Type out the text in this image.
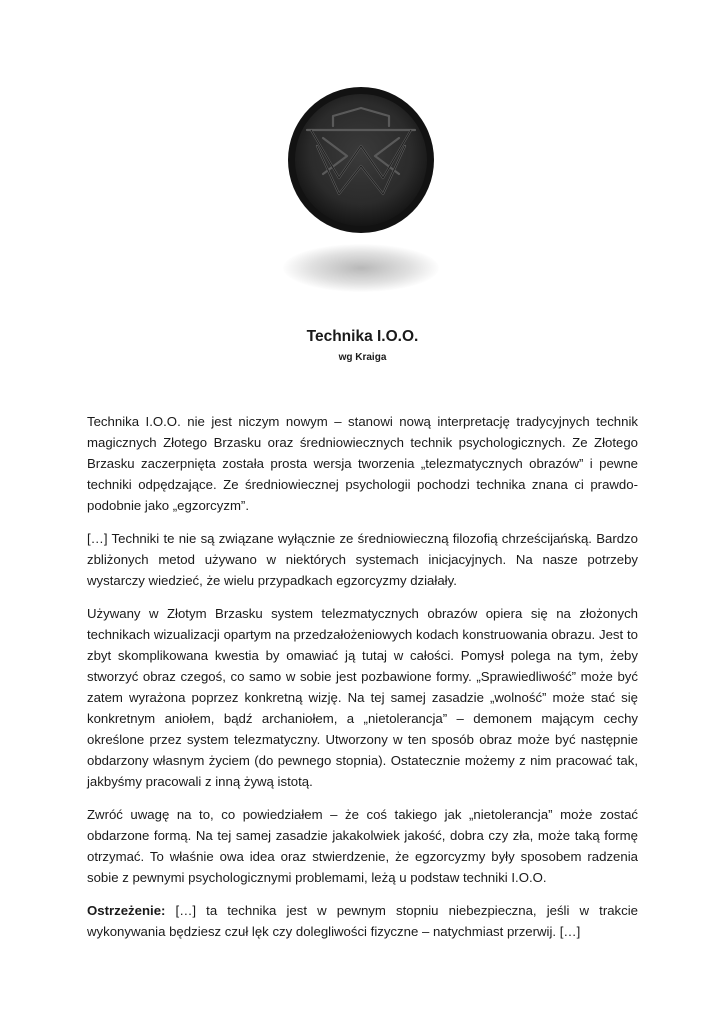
Technika I.O.O.
wg Kraiga

Technika I.O.O. nie jest niczym nowym – stanowi nową interpretację tradycyjnych technik magicznych Złotego Brzasku oraz średniowiecznych technik psychologicznych. Ze Złotego Brzasku zaczerpnięta została prosta wersja tworzenia „telezmatycznych obrazów” i pewne techniki odpędzające. Ze średniowiecznej psychologii pochodzi technika znana ci prawdopodobnie jako „egzorcyzm”.

[…] Techniki te nie są związane wyłącznie ze średniowieczną filozofią chrześcijańską. Bardzo zbliżonych metod używano w niektórych systemach inicjacyjnych. Na nasze potrzeby wystarczy wiedzieć, że wielu przypadkach egzorcyzmy działały.

Używany w Złotym Brzasku system telezmatycznych obrazów opiera się na złożonych technikach wizualizacji opartym na przedzałożeniowych kodach konstruowania obrazu. Jest to zbyt skomplikowana kwestia by omawiać ją tutaj w całości. Pomysł polega na tym, żeby stworzyć obraz czegoś, co samo w sobie jest pozbawione formy. „Sprawiedliwość” może być zatem wyrażona poprzez konkretną wizję. Na tej samej zasadzie „wolność” może stać się konkretnym aniołem, bądź archaniołem, a „nietolerancja” – demonem mającym cechy określone przez system telezmatyczny. Utworzony w ten sposób obraz może być następnie obdarzony własnym życiem (do pewnego stopnia). Ostatecznie możemy z nim pracować tak, jakbyśmy pracowali z inną żywą istotą.

Zwróć uwagę na to, co powiedziałem – że coś takiego jak „nietolerancja” może zostać obdarzone formą. Na tej samej zasadzie jakakolwiek jakość, dobra czy zła, może taką formę otrzymać. To właśnie owa idea oraz stwierdzenie, że egzorcyzmy były sposobem radzenia sobie z pewnymi psychologicznymi problemami, leżą u podstaw techniki I.O.O.

Ostrzeżenie: […] ta technika jest w pewnym stopniu niebezpieczna, jeśli w trakcie wykonywania będziesz czuł lęk czy dolegliwości fizyczne – natychmiast przerwij. […]
